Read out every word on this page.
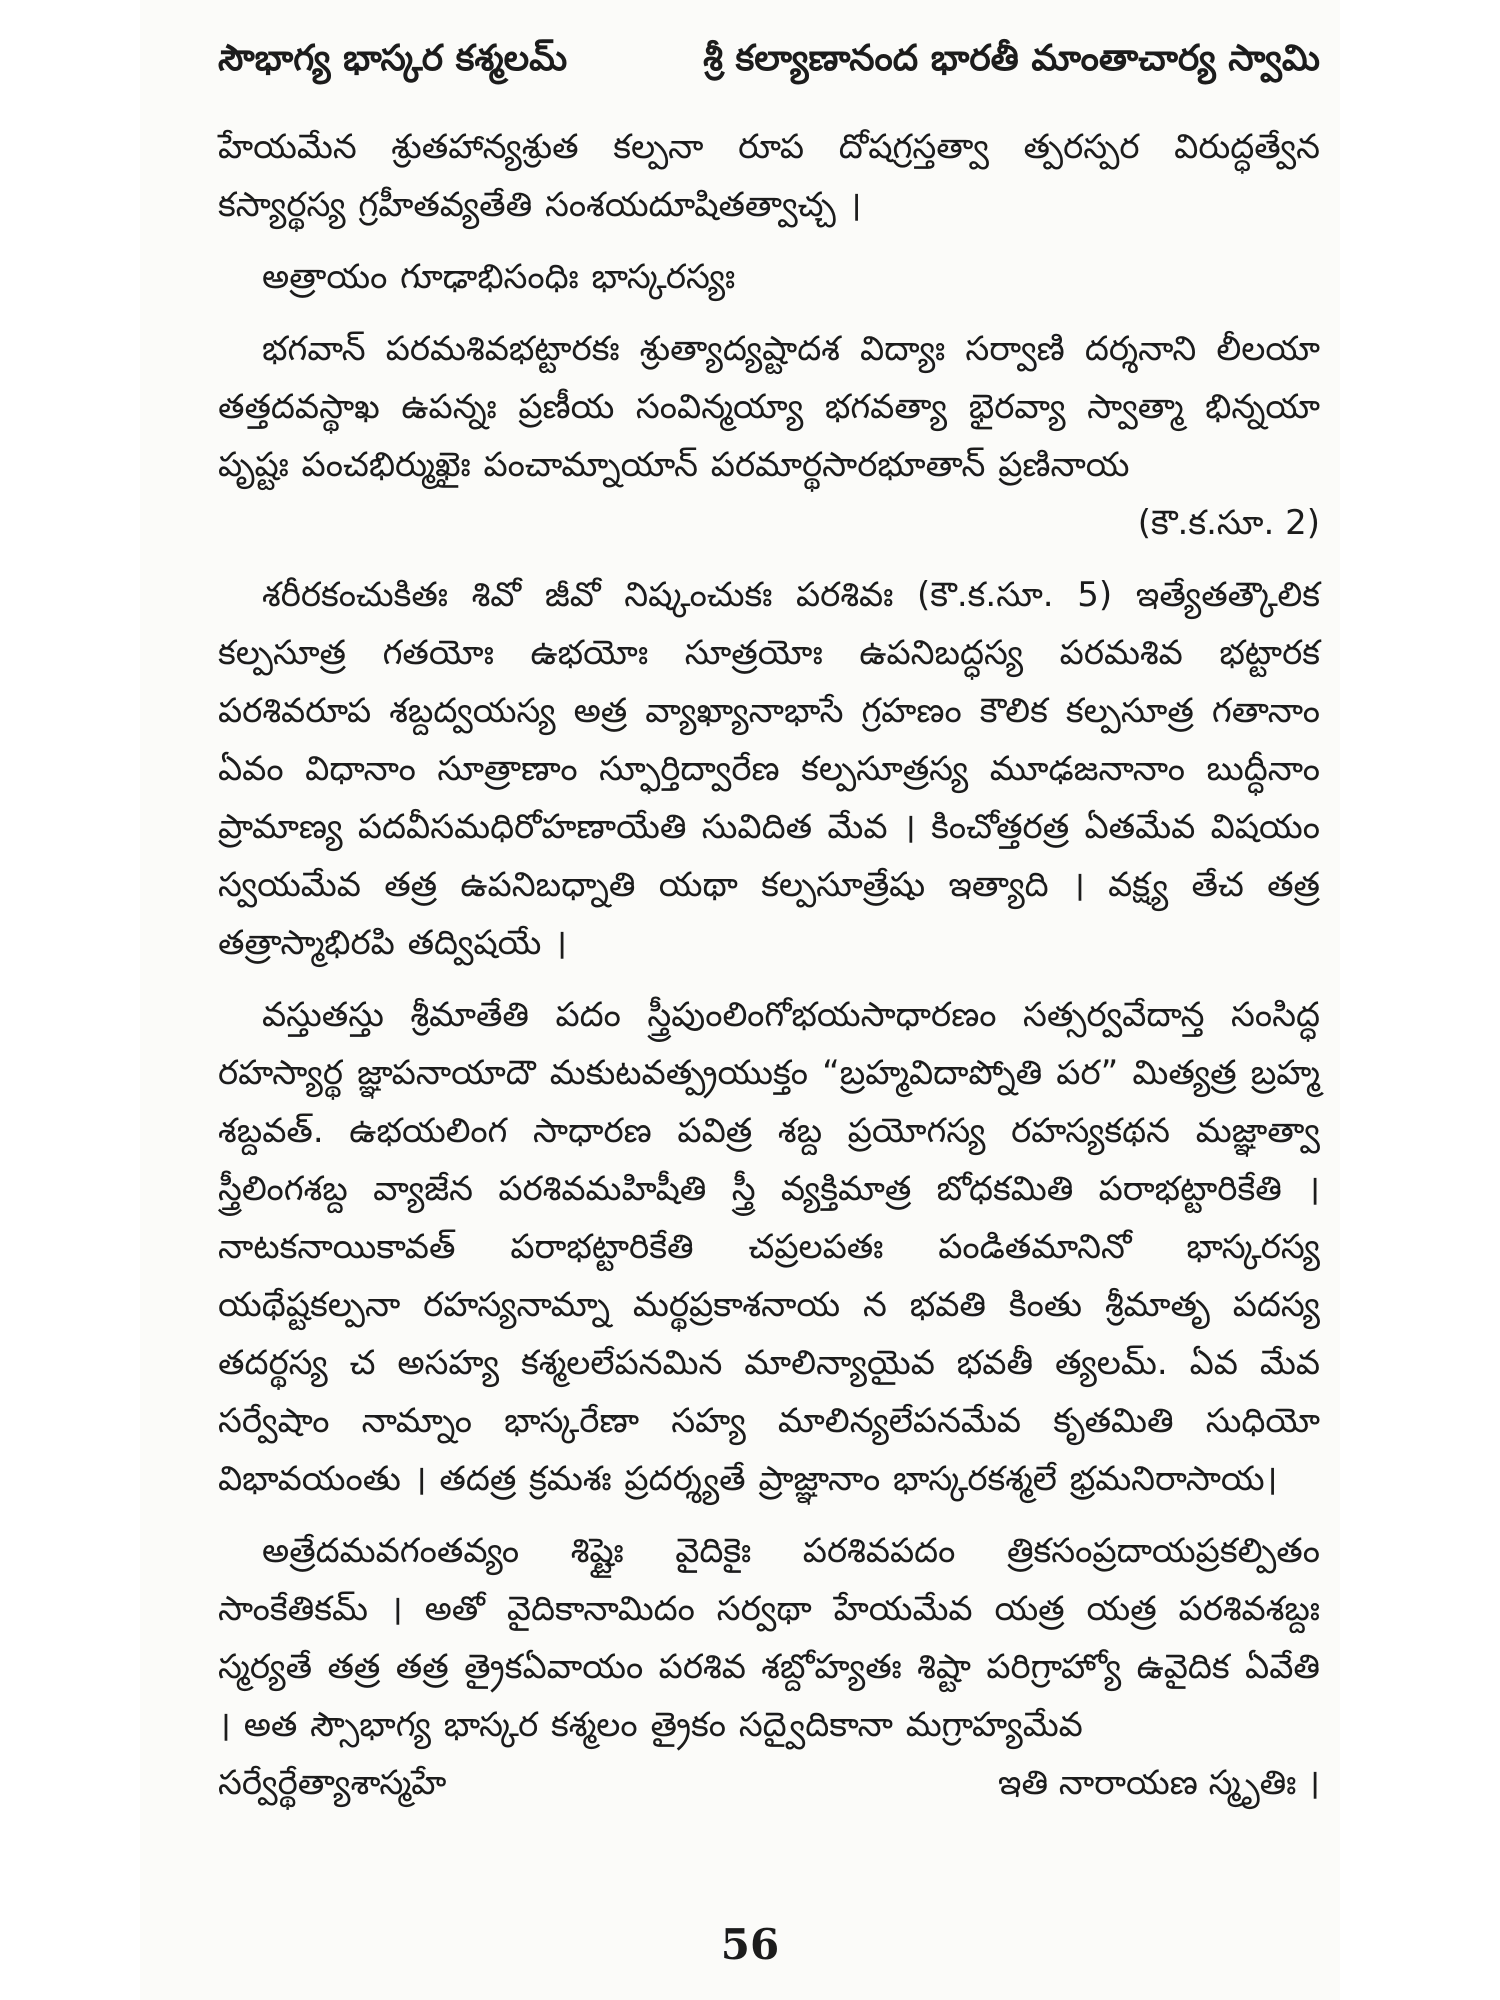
సౌభాగ్య భాస్కర కశ్మలమ్	శ్రీ కల్యాణానంద భారతీ మాంతాచార్య స్వామి

హేయమేన శ్రుతహాన్యశ్రుత కల్పనా రూప దోషగ్రస్తత్వా త్పరస్పర విరుద్ధత్వేన కస్యార్థస్య గ్రహీతవ్యతేతి సంశయదూషితత్వాచ్చ ।

అత్రాయం గూఢాభిసంధిః భాస్కరస్యః

భగవాన్ పరమశివభట్టారకః శ్రుత్యాద్యష్టాదశ విద్యాః సర్వాణి దర్శనాని లీలయా తత్తదవస్థాఖ ఉపన్నః ప్రణీయ సంవిన్మయ్యా భగవత్యా భైరవ్యా స్వాత్మా భిన్నయా పృష్టః పంచభిర్ముఖైః పంచామ్నాయాన్ పరమార్థసారభూతాన్ ప్రణినాయ

(కౌ.క.సూ. 2)

శరీరకంచుకితః శివో జీవో నిష్కంచుకః పరశివః (కౌ.క.సూ. 5) ఇత్యేతత్కౌలిక కల్పసూత్ర గతయోః ఉభయోః సూత్రయోః ఉపనిబద్ధస్య పరమశివ భట్టారక పరశివరూప శబ్దద్వయస్య అత్ర వ్యాఖ్యానాభాసే గ్రహణం కౌలిక కల్పసూత్ర గతానాం ఏవం విధానాం సూత్రాణాం స్ఫూర్తిద్వారేణ కల్పసూత్రస్య మూఢజనానాం బుద్ధీనాం ప్రామాణ్య పదవీసమధిరోహణాయేతి సువిదిత మేవ । కించోత్తరత్ర ఏతమేవ విషయం స్వయమేవ తత్ర ఉపనిబధ్నాతి యథా కల్పసూత్రేషు ఇత్యాది । వక్ష్య తేచ తత్ర తత్రాస్మాభిరపి తద్విషయే ।

వస్తుతస్తు శ్రీమాతేతి పదం స్త్రీపుంలింగోభయసాధారణం సత్సర్వవేదాన్త సంసిద్ధ రహస్యార్థ జ్ఞాపనాయాదౌ మకుటవత్ప్రయుక్తం “బ్రహ్మవిదాప్నోతి పర” మిత్యత్ర బ్రహ్మ శబ్దవత్. ఉభయలింగ సాధారణ పవిత్ర శబ్ద ప్రయోగస్య రహస్యకథన మజ్ఞాత్వా స్త్రీలింగశబ్ద వ్యాజేన పరశివమహిషీతి స్త్రీ వ్యక్తిమాత్ర బోధకమితి పరాభట్టారికేతి । నాటకనాయికావత్ పరాభట్టారికేతి చప్రలపతః పండితమానినో భాస్కరస్య యథేష్టకల్పనా రహస్యనామ్నా మర్థప్రకాశనాయ న భవతి కింతు శ్రీమాతృ పదస్య తదర్థస్య చ అసహ్య కశ్మలలేపనమిన మాలిన్యాయైవ భవతీ త్యలమ్. ఏవ మేవ సర్వేషాం నామ్నాం భాస్కరేణా సహ్య మాలిన్యలేపనమేవ కృతమితి సుధియో విభావయంతు । తదత్ర క్రమశః ప్రదర్శ్యతే ప్రాజ్ఞానాం భాస్కరకశ్మలే భ్రమనిరాసాయ।

అత్రేదమవగంతవ్యం శిష్టైః వైదికైః పరశివపదం త్రికసంప్రదాయప్రకల్పితం సాంకేతికమ్ । అతో వైదికానామిదం సర్వథా హేయమేవ యత్ర యత్ర పరశివశబ్దః స్మర్యతే తత్ర తత్ర త్రైకఏవాయం పరశివ శబ్దోహ్యతః శిష్టా పరిగ్రాహ్యో ఉవైదిక ఏవేతి । అత స్సౌభాగ్య భాస్కర కశ్మలం త్రైకం సద్వైదికానా మగ్రాహ్యమేవ

సర్వేర్థేత్యాశాస్మహే	ఇతి నారాయణ స్మృతిః ।
56
